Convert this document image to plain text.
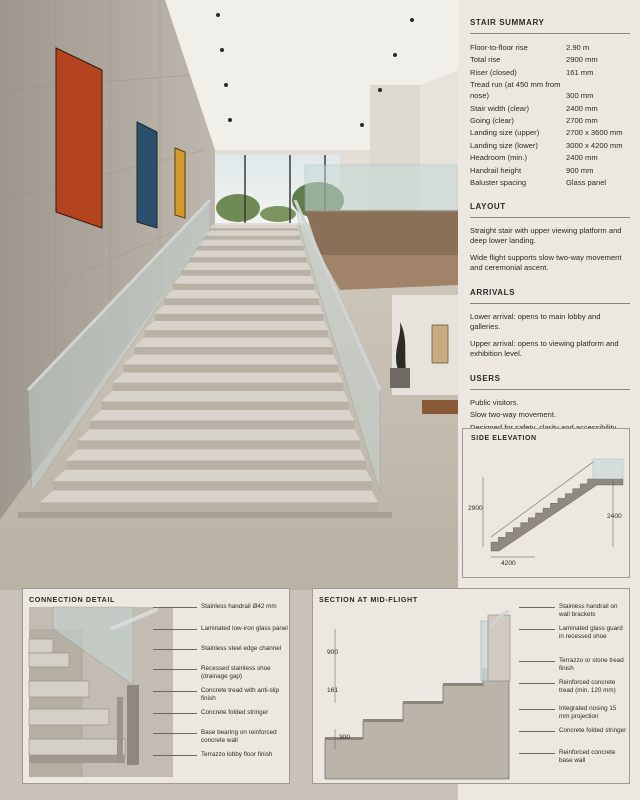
STAIR SUMMARY
Floor-to-floor rise	2.90 m
Total rise	2900 mm
Riser (closed)	161 mm
Tread run (at 450 mm from nose)	300 mm
Stair width (clear)	2400 mm
Going (clear)	2700 mm
Landing size (upper)	2700 x 3600 mm
Landing size (lower)	3000 x 4200 mm
Headroom (min.)	2400 mm
Handrail height	900 mm
Baluster spacing	Glass panel
LAYOUT
Straight stair with upper viewing platform and deep lower landing.
Wide flight supports slow two-way movement and ceremonial ascent.
ARRIVALS
Lower arrival: opens to main lobby and galleries.
Upper arrival: opens to viewing platform and exhibition level.
USERS
Public visitors.
Slow two-way movement.
SIDE ELEVATION
2900
2400
4200
CONNECTION DETAIL
Stainless handrail Ø42 mm
Laminated low-iron glass panel
Stainless steel edge channel
Recessed stainless shoe (drainage gap)
Concrete tread with anti-slip finish
Concrete folded stringer
Base bearing on reinforced concrete wall
Terrazzo lobby floor finish
SECTION AT MID-FLIGHT
900
161
300
Stainless handrail on wall brackets
Laminated glass guard in recessed shoe
Terrazzo or stone tread finish
Reinforced concrete tread (min. 120 mm)
Integrated nosing 15 mm projection
Concrete folded stringer
Reinforced concrete base wall
